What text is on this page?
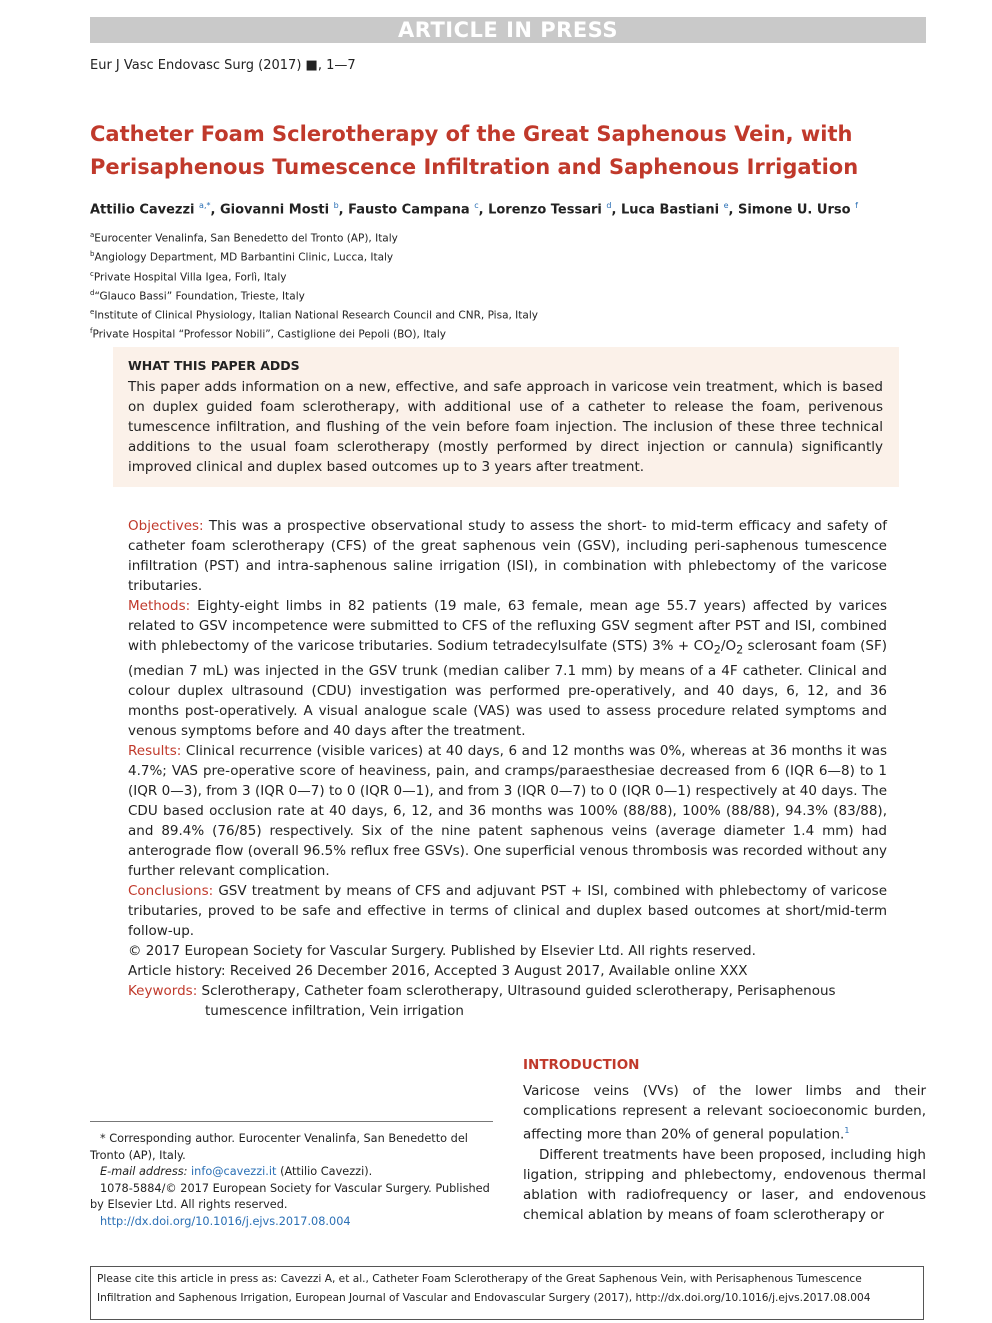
ARTICLE IN PRESS
Eur J Vasc Endovasc Surg (2017) ■, 1—7
Catheter Foam Sclerotherapy of the Great Saphenous Vein, with Perisaphenous Tumescence Infiltration and Saphenous Irrigation
Attilio Cavezzi $^{a,*}$, Giovanni Mosti $^b$, Fausto Campana $^c$, Lorenzo Tessari $^d$, Luca Bastiani $^e$, Simone U. Urso $^f$
$^a$Eurocenter Venalinfa, San Benedetto del Tronto (AP), Italy
$^b$Angiology Department, MD Barbantini Clinic, Lucca, Italy
$^c$Private Hospital Villa Igea, Forlì, Italy
$^d$“Glauco Bassi” Foundation, Trieste, Italy
$^e$Institute of Clinical Physiology, Italian National Research Council and CNR, Pisa, Italy
$^f$Private Hospital “Professor Nobili”, Castiglione dei Pepoli (BO), Italy
WHAT THIS PAPER ADDS
This paper adds information on a new, effective, and safe approach in varicose vein treatment, which is based on duplex guided foam sclerotherapy, with additional use of a catheter to release the foam, perivenous tumescence infiltration, and flushing of the vein before foam injection. The inclusion of these three technical additions to the usual foam sclerotherapy (mostly performed by direct injection or cannula) significantly improved clinical and duplex based outcomes up to 3 years after treatment.

Objectives: This was a prospective observational study to assess the short- to mid-term efficacy and safety of catheter foam sclerotherapy (CFS) of the great saphenous vein (GSV), including peri-saphenous tumescence infiltration (PST) and intra-saphenous saline irrigation (ISI), in combination with phlebectomy of the varicose tributaries.

Methods: Eighty-eight limbs in 82 patients (19 male, 63 female, mean age 55.7 years) affected by varices related to GSV incompetence were submitted to CFS of the refluxing GSV segment after PST and ISI, combined with phlebectomy of the varicose tributaries. Sodium tetradecylsulfate (STS) $3\% + CO_2/O_2$ sclerosant foam (SF) (median 7 mL) was injected in the GSV trunk (median caliber 7.1 mm) by means of a 4F catheter. Clinical and colour duplex ultrasound (CDU) investigation was performed pre-operatively, and 40 days, 6, 12, and 36 months post-operatively. A visual analogue scale (VAS) was used to assess procedure related symptoms and venous symptoms before and 40 days after the treatment.

Results: Clinical recurrence (visible varices) at 40 days, 6 and 12 months was 0%, whereas at 36 months it was 4.7%; VAS pre-operative score of heaviness, pain, and cramps/paraesthesiae decreased from 6 (IQR 6—8) to 1 (IQR 0—3), from 3 (IQR 0—7) to 0 (IQR 0—1), and from 3 (IQR 0—7) to 0 (IQR 0—1) respectively at 40 days. The CDU based occlusion rate at 40 days, 6, 12, and 36 months was 100% (88/88), 100% (88/88), 94.3% (83/88), and 89.4% (76/85) respectively. Six of the nine patent saphenous veins (average diameter 1.4 mm) had anterograde flow (overall 96.5% reflux free GSVs). One superficial venous thrombosis was recorded without any further relevant complication.

Conclusions: GSV treatment by means of CFS and adjuvant PST + ISI, combined with phlebectomy of varicose tributaries, proved to be safe and effective in terms of clinical and duplex based outcomes at short/mid-term follow-up.

© 2017 European Society for Vascular Surgery. Published by Elsevier Ltd. All rights reserved.

Article history: Received 26 December 2016, Accepted 3 August 2017, Available online XXX

Keywords: Sclerotherapy, Catheter foam sclerotherapy, Ultrasound guided sclerotherapy, Perisaphenous

tumescence infiltration, Vein irrigation

INTRODUCTION

Varicose veins (VVs) of the lower limbs and their complications represent a relevant socioeconomic burden, affecting more than 20% of general population.$^1$

Different treatments have been proposed, including high ligation, stripping and phlebectomy, endovenous thermal ablation with radiofrequency or laser, and endovenous chemical ablation by means of foam sclerotherapy or

* Corresponding author. Eurocenter Venalinfa, San Benedetto del Tronto (AP), Italy.

E-mail address: info@cavezzi.it (Attilio Cavezzi).

1078-5884/© 2017 European Society for Vascular Surgery. Published by Elsevier Ltd. All rights reserved.

http://dx.doi.org/10.1016/j.ejvs.2017.08.004

Please cite this article in press as: Cavezzi A, et al., Catheter Foam Sclerotherapy of the Great Saphenous Vein, with Perisaphenous Tumescence Infiltration and Saphenous Irrigation, European Journal of Vascular and Endovascular Surgery (2017), http://dx.doi.org/10.1016/j.ejvs.2017.08.004
